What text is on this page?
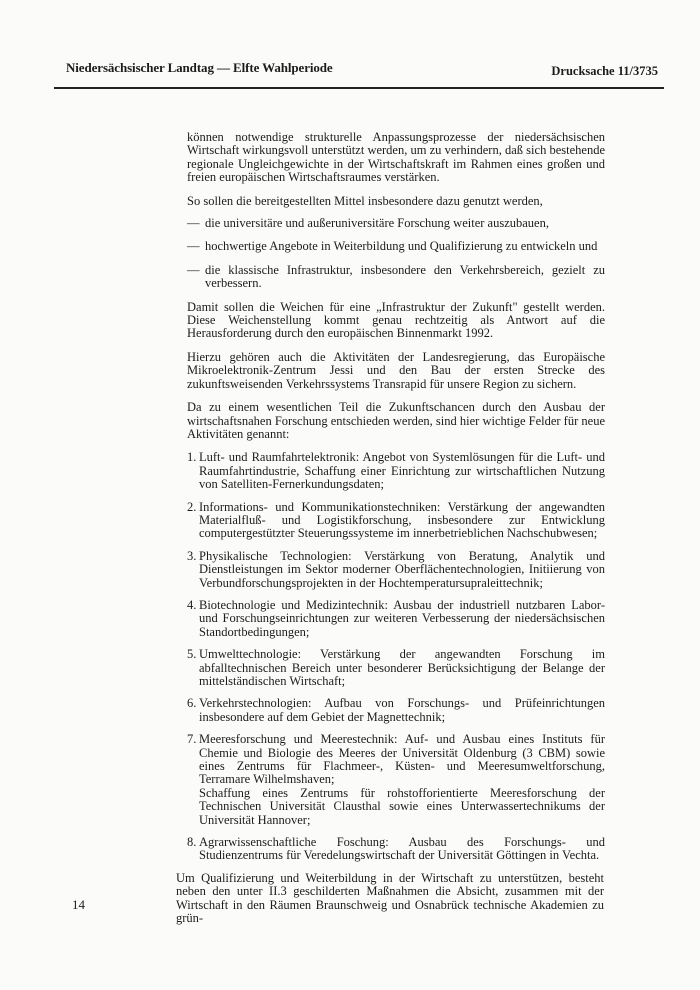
Niedersächsischer Landtag — Elfte Wahlperiode	Drucksache 11/3735

können notwendige strukturelle Anpassungsprozesse der niedersächsischen Wirtschaft wirkungsvoll unterstützt werden, um zu verhindern, daß sich bestehende regionale Ungleichgewichte in der Wirtschaftskraft im Rahmen eines großen und freien europäischen Wirtschaftsraumes verstärken.

So sollen die bereitgestellten Mittel insbesondere dazu genutzt werden,

— die universitäre und außeruniversitäre Forschung weiter auszubauen,
— hochwertige Angebote in Weiterbildung und Qualifizierung zu entwickeln und
— die klassische Infrastruktur, insbesondere den Verkehrsbereich, gezielt zu verbessern.

Damit sollen die Weichen für eine „Infrastruktur der Zukunft" gestellt werden. Diese Weichenstellung kommt genau rechtzeitig als Antwort auf die Herausforderung durch den europäischen Binnenmarkt 1992.

Hierzu gehören auch die Aktivitäten der Landesregierung, das Europäische Mikroelektronik-Zentrum Jessi und den Bau der ersten Strecke des zukunftsweisenden Verkehrssystems Transrapid für unsere Region zu sichern.

Da zu einem wesentlichen Teil die Zukunftschancen durch den Ausbau der wirtschaftsnahen Forschung entschieden werden, sind hier wichtige Felder für neue Aktivitäten genannt:

1. Luft- und Raumfahrtelektronik: Angebot von Systemlösungen für die Luft- und Raumfahrtindustrie, Schaffung einer Einrichtung zur wirtschaftlichen Nutzung von Satelliten-Fernerkundungsdaten;
2. Informations- und Kommunikationstechniken: Verstärkung der angewandten Materialfluß- und Logistikforschung, insbesondere zur Entwicklung computergestützter Steuerungssysteme im innerbetrieblichen Nachschubwesen;
3. Physikalische Technologien: Verstärkung von Beratung, Analytik und Dienstleistungen im Sektor moderner Oberflächentechnologien, Initiierung von Verbundforschungsprojekten in der Hochtemperatursupraleittechnik;
4. Biotechnologie und Medizintechnik: Ausbau der industriell nutzbaren Labor- und Forschungseinrichtungen zur weiteren Verbesserung der niedersächsischen Standortbedingungen;
5. Umwelttechnologie: Verstärkung der angewandten Forschung im abfalltechnischen Bereich unter besonderer Berücksichtigung der Belange der mittelständischen Wirtschaft;
6. Verkehrstechnologien: Aufbau von Forschungs- und Prüfeinrichtungen insbesondere auf dem Gebiet der Magnettechnik;
7. Meeresforschung und Meerestechnik: Auf- und Ausbau eines Instituts für Chemie und Biologie des Meeres der Universität Oldenburg (3 CBM) sowie eines Zentrums für Flachmeer-, Küsten- und Meeresumweltforschung, Terramare Wilhelmshaven;
Schaffung eines Zentrums für rohstofforientierte Meeresforschung der Technischen Universität Clausthal sowie eines Unterwassertechnikums der Universität Hannover;
8. Agrarwissenschaftliche Foschung: Ausbau des Forschungs- und Studienzentrums für Veredelungswirtschaft der Universität Göttingen in Vechta.

Um Qualifizierung und Weiterbildung in der Wirtschaft zu unterstützen, besteht neben den unter II.3 geschilderten Maßnahmen die Absicht, zusammen mit der Wirtschaft in den Räumen Braunschweig und Osnabrück technische Akademien zu grün-

14
